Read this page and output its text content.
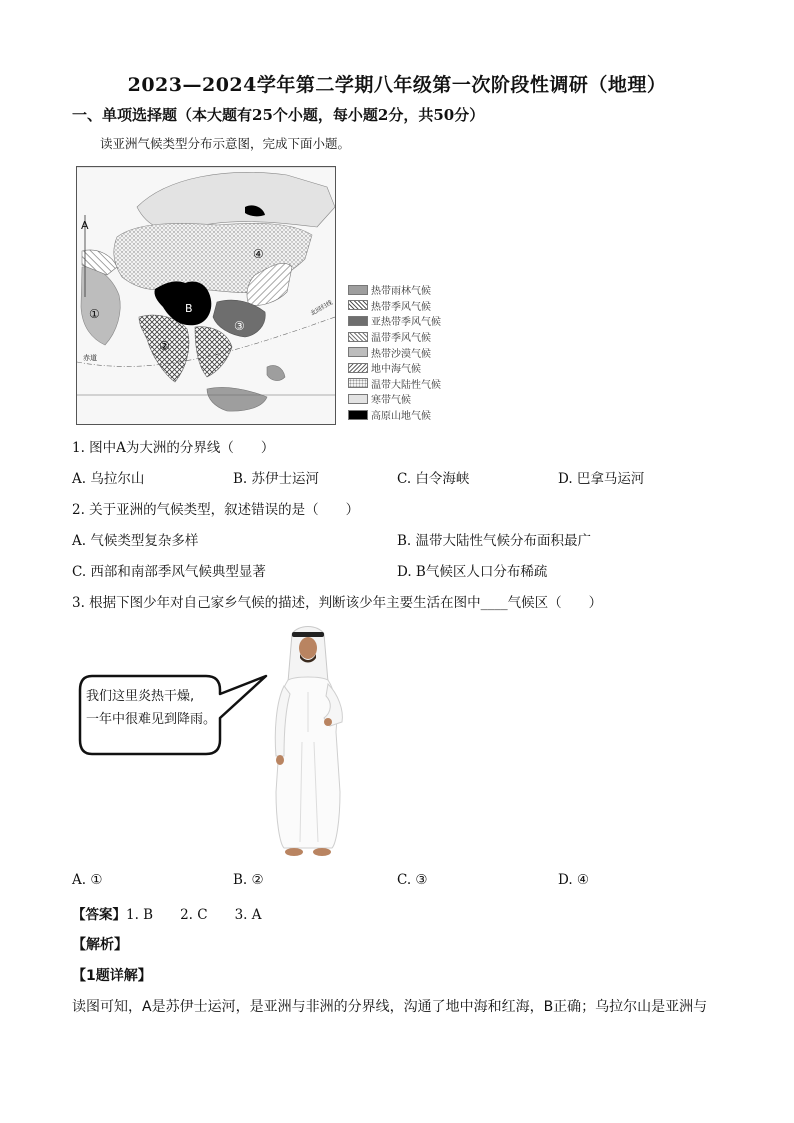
2023—2024学年第二学期八年级第一次阶段性调研（地理）
一、单项选择题（本大题有25个小题，每小题2分，共50分）
读亚洲气候类型分布示意图，完成下面小题。
A
B
①
②
③
④
赤道
北回归线
热带雨林气候
热带季风气候
亚热带季风气候
温带季风气候
热带沙漠气候
地中海气候
温带大陆性气候
寒带气候
高原山地气候
1. 图中A为大洲的分界线（　　）
A. 乌拉尔山	B. 苏伊士运河	C. 白令海峡	D. 巴拿马运河
2. 关于亚洲的气候类型，叙述错误的是（　　）
A. 气候类型复杂多样	B. 温带大陆性气候分布面积最广
C. 西部和南部季风气候典型显著	D. B气候区人口分布稀疏
3. 根据下图少年对自己家乡气候的描述，判断该少年主要生活在图中____气候区（　　）
我们这里炎热干燥,
一年中很难见到降雨。
A. ①	B. ②	C. ③	D. ④
【答案】1. B　　2. C　　3. A
【解析】
【1题详解】
读图可知，A是苏伊士运河，是亚洲与非洲的分界线，沟通了地中海和红海，B正确；乌拉尔山是亚洲与
